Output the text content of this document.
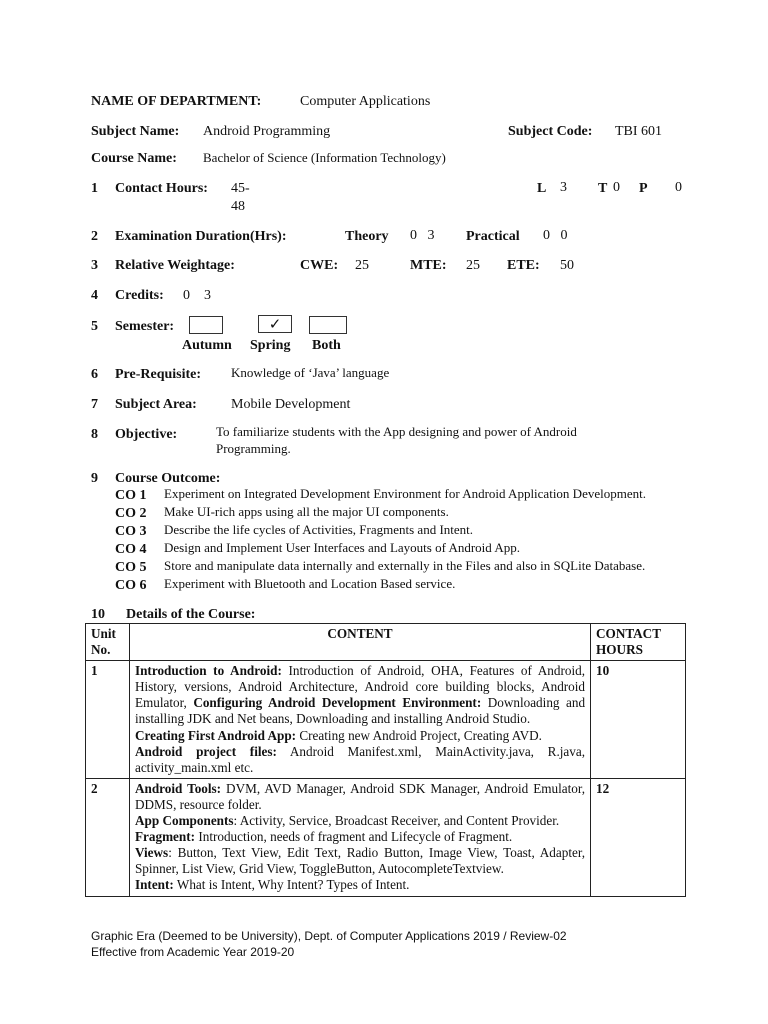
NAME OF DEPARTMENT:	Computer Applications
Subject Name: Android Programming	Subject Code: TBI 601
Course Name: Bachelor of Science (Information Technology)
1 Contact Hours: 45-
48
L 3 T 0 P 0
2 Examination Duration(Hrs):	Theory 0   3 Practical 0   0
3 Relative Weightage:	CWE: 25	MTE: 25 ETE: 50
4 Credits: 0    3
5 Semester:	✓
Autumn Spring Both
6 Pre-Requisite: Knowledge of ‘Java’ language
7 Subject Area: Mobile Development
8 Objective:	To familiarize students with the App designing and power of Android
Programming.
9 Course Outcome:
CO 1 Experiment on Integrated Development Environment for Android Application Development.
CO 2 Make UI-rich apps using all the major UI components.
CO 3 Describe the life cycles of Activities, Fragments and Intent.
CO 4 Design and Implement User Interfaces and Layouts of Android App.
CO 5 Store and manipulate data internally and externally in the Files and also in SQLite Database.
CO 6 Experiment with Bluetooth and Location Based service.
10 Details of the Course:
Unit
No.	CONTENT	CONTACT
HOURS
1	Introduction to Android: Introduction of Android, OHA, Features of Android, History, versions, Android Architecture, Android core building blocks, Android Emulator, Configuring Android Development Environment: Downloading and installing JDK and Net beans, Downloading and installing Android Studio.
Creating First Android App: Creating new Android Project, Creating AVD.
Android project files: Android Manifest.xml, MainActivity.java, R.java, activity_main.xml etc.	10
2	Android Tools: DVM, AVD Manager, Android SDK Manager, Android Emulator, DDMS, resource folder.
App Components: Activity, Service, Broadcast Receiver, and Content Provider.
Fragment: Introduction, needs of fragment and Lifecycle of Fragment.
Views: Button, Text View, Edit Text, Radio Button, Image View, Toast, Adapter, Spinner, List View, Grid View, ToggleButton, AutocompleteTextview.
Intent: What is Intent, Why Intent? Types of Intent.	12
Graphic Era (Deemed to be University), Dept. of Computer Applications 2019 / Review-02
Effective from Academic Year 2019-20
